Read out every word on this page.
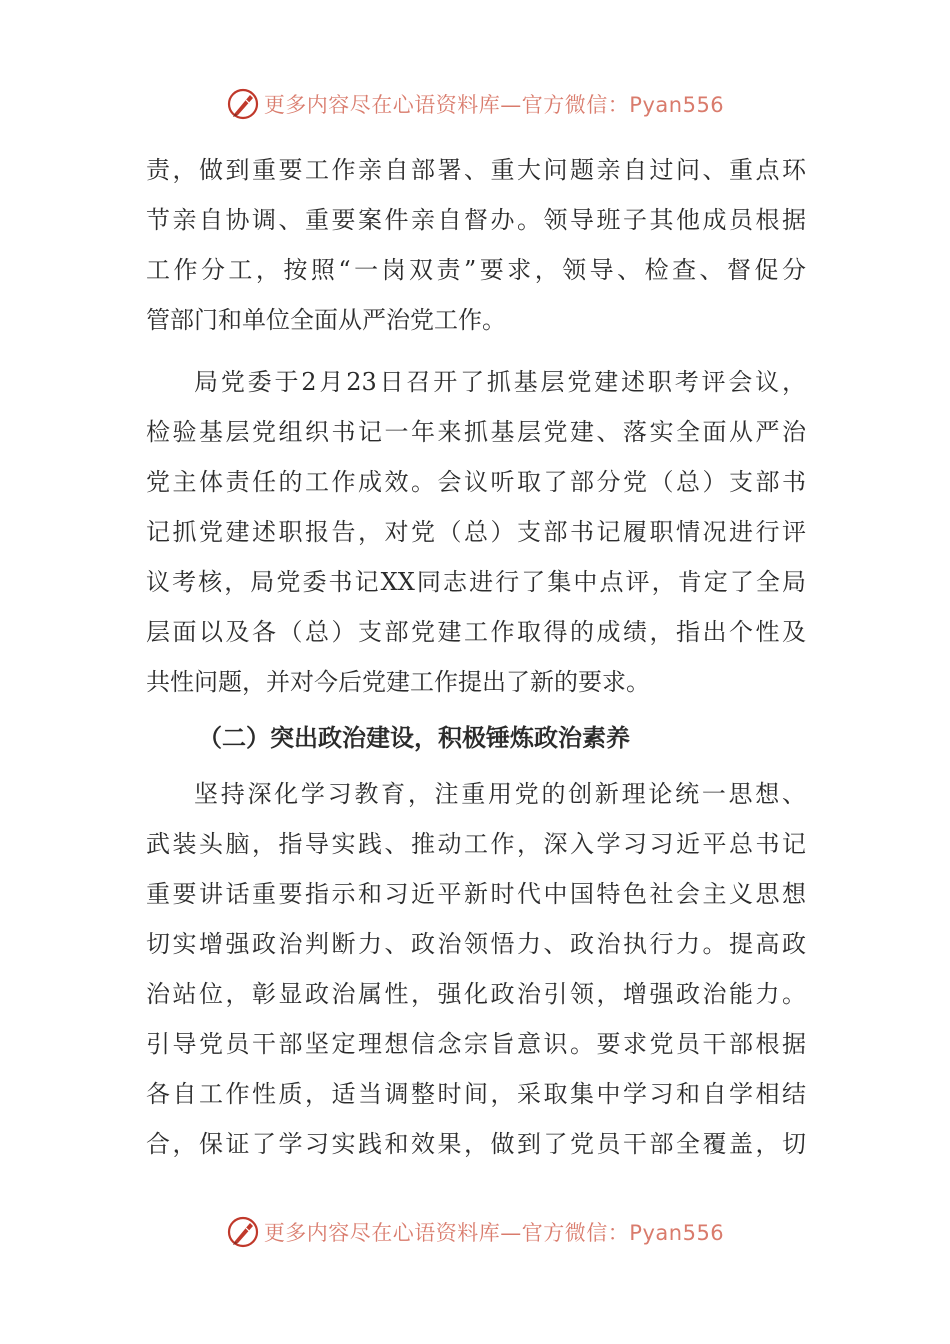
更多内容尽在心语资料库—官方微信：Pyan556
责，做到重要工作亲自部署、重大问题亲自过问、重点环
节亲自协调、重要案件亲自督办。领导班子其他成员根据
工作分工，按照“一岗双责”要求，领导、检查、督促分
管部门和单位全面从严治党工作。
局党委于2月23日召开了抓基层党建述职考评会议，
检验基层党组织书记一年来抓基层党建、落实全面从严治
党主体责任的工作成效。会议听取了部分党（总）支部书
记抓党建述职报告，对党（总）支部书记履职情况进行评
议考核，局党委书记XX同志进行了集中点评，肯定了全局
层面以及各（总）支部党建工作取得的成绩，指出个性及
共性问题，并对今后党建工作提出了新的要求。
（二）突出政治建设，积极锤炼政治素养
坚持深化学习教育，注重用党的创新理论统一思想、
武装头脑，指导实践、推动工作，深入学习习近平总书记
重要讲话重要指示和习近平新时代中国特色社会主义思想
切实增强政治判断力、政治领悟力、政治执行力。提高政
治站位，彰显政治属性，强化政治引领，增强政治能力。
引导党员干部坚定理想信念宗旨意识。要求党员干部根据
各自工作性质，适当调整时间，采取集中学习和自学相结
合，保证了学习实践和效果，做到了党员干部全覆盖，切
更多内容尽在心语资料库—官方微信：Pyan556
